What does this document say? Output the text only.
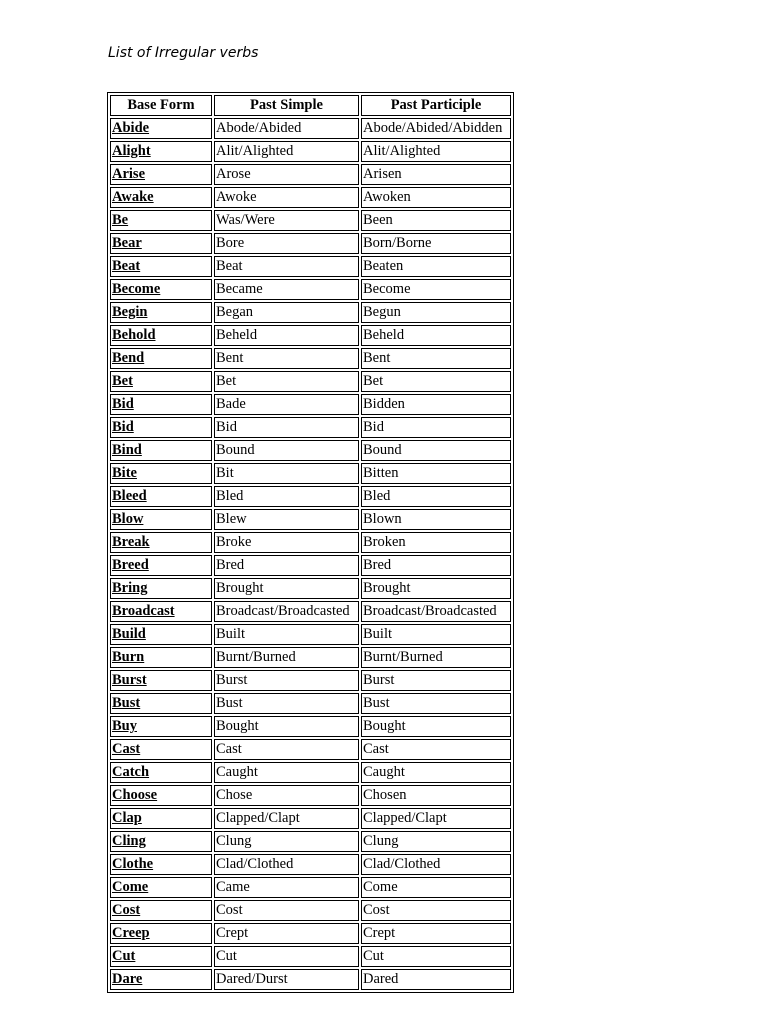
List of Irregular verbs
Base Form	Past Simple	Past Participle
Abide	Abode/Abided	Abode/Abided/Abidden
Alight	Alit/Alighted	Alit/Alighted
Arise	Arose	Arisen
Awake	Awoke	Awoken
Be	Was/Were	Been
Bear	Bore	Born/Borne
Beat	Beat	Beaten
Become	Became	Become
Begin	Began	Begun
Behold	Beheld	Beheld
Bend	Bent	Bent
Bet	Bet	Bet
Bid	Bade	Bidden
Bid	Bid	Bid
Bind	Bound	Bound
Bite	Bit	Bitten
Bleed	Bled	Bled
Blow	Blew	Blown
Break	Broke	Broken
Breed	Bred	Bred
Bring	Brought	Brought
Broadcast	Broadcast/Broadcasted	Broadcast/Broadcasted
Build	Built	Built
Burn	Burnt/Burned	Burnt/Burned
Burst	Burst	Burst
Bust	Bust	Bust
Buy	Bought	Bought
Cast	Cast	Cast
Catch	Caught	Caught
Choose	Chose	Chosen
Clap	Clapped/Clapt	Clapped/Clapt
Cling	Clung	Clung
Clothe	Clad/Clothed	Clad/Clothed
Come	Came	Come
Cost	Cost	Cost
Creep	Crept	Crept
Cut	Cut	Cut
Dare	Dared/Durst	Dared
